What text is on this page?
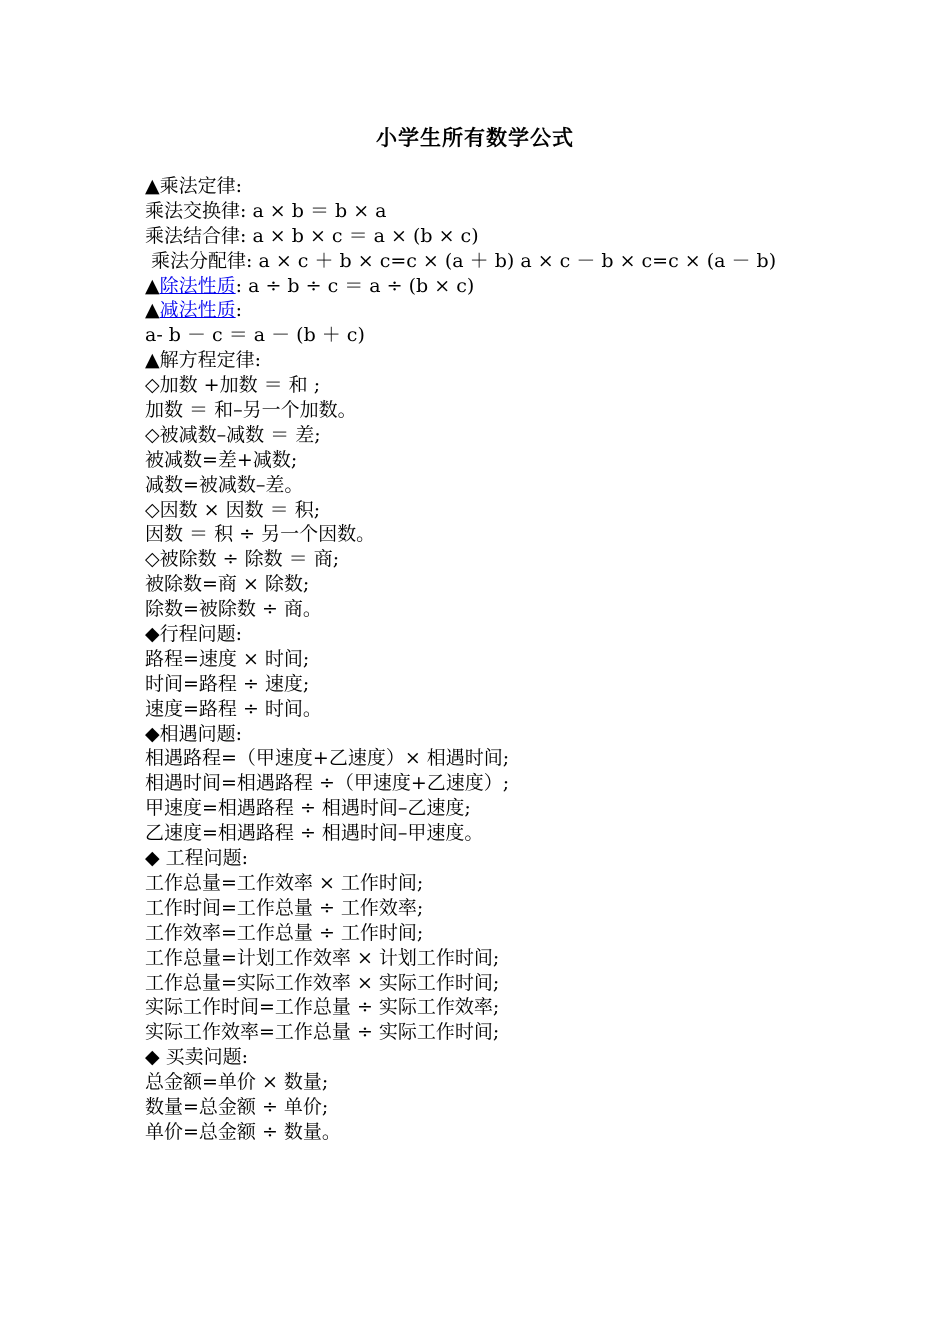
小学生所有数学公式
▲乘法定律:
乘法交换律: a × b ＝ b × a
乘法结合律: a × b × c ＝ a × (b × c)
乘法分配律: a × c ＋ b × c=c × (a ＋ b) a × c － b × c=c × (a － b)
▲除法性质: a ÷ b ÷ c ＝ a ÷ (b × c)
▲减法性质:
a- b － c ＝ a － (b ＋ c)
▲解方程定律:
◇加数 +加数 ＝ 和 ;
加数 ＝ 和–另一个加数。
◇被减数–减数 ＝ 差;
被减数=差+减数;
减数=被减数–差。
◇因数 × 因数 ＝ 积;
因数 ＝ 积 ÷ 另一个因数。
◇被除数 ÷ 除数 ＝ 商;
被除数=商 × 除数;
除数=被除数 ÷ 商。
◆行程问题:
路程=速度 × 时间;
时间=路程 ÷ 速度;
速度=路程 ÷ 时间。
◆相遇问题:
相遇路程=（甲速度+乙速度）× 相遇时间;
相遇时间=相遇路程 ÷（甲速度+乙速度）;
甲速度=相遇路程 ÷ 相遇时间–乙速度;
乙速度=相遇路程 ÷ 相遇时间–甲速度。
◆ 工程问题:
工作总量=工作效率 × 工作时间;
工作时间=工作总量 ÷ 工作效率;
工作效率=工作总量 ÷ 工作时间;
工作总量=计划工作效率 × 计划工作时间;
工作总量=实际工作效率 × 实际工作时间;
实际工作时间=工作总量 ÷ 实际工作效率;
实际工作效率=工作总量 ÷ 实际工作时间;
◆ 买卖问题:
总金额=单价 × 数量;
数量=总金额 ÷ 单价;
单价=总金额 ÷ 数量。
